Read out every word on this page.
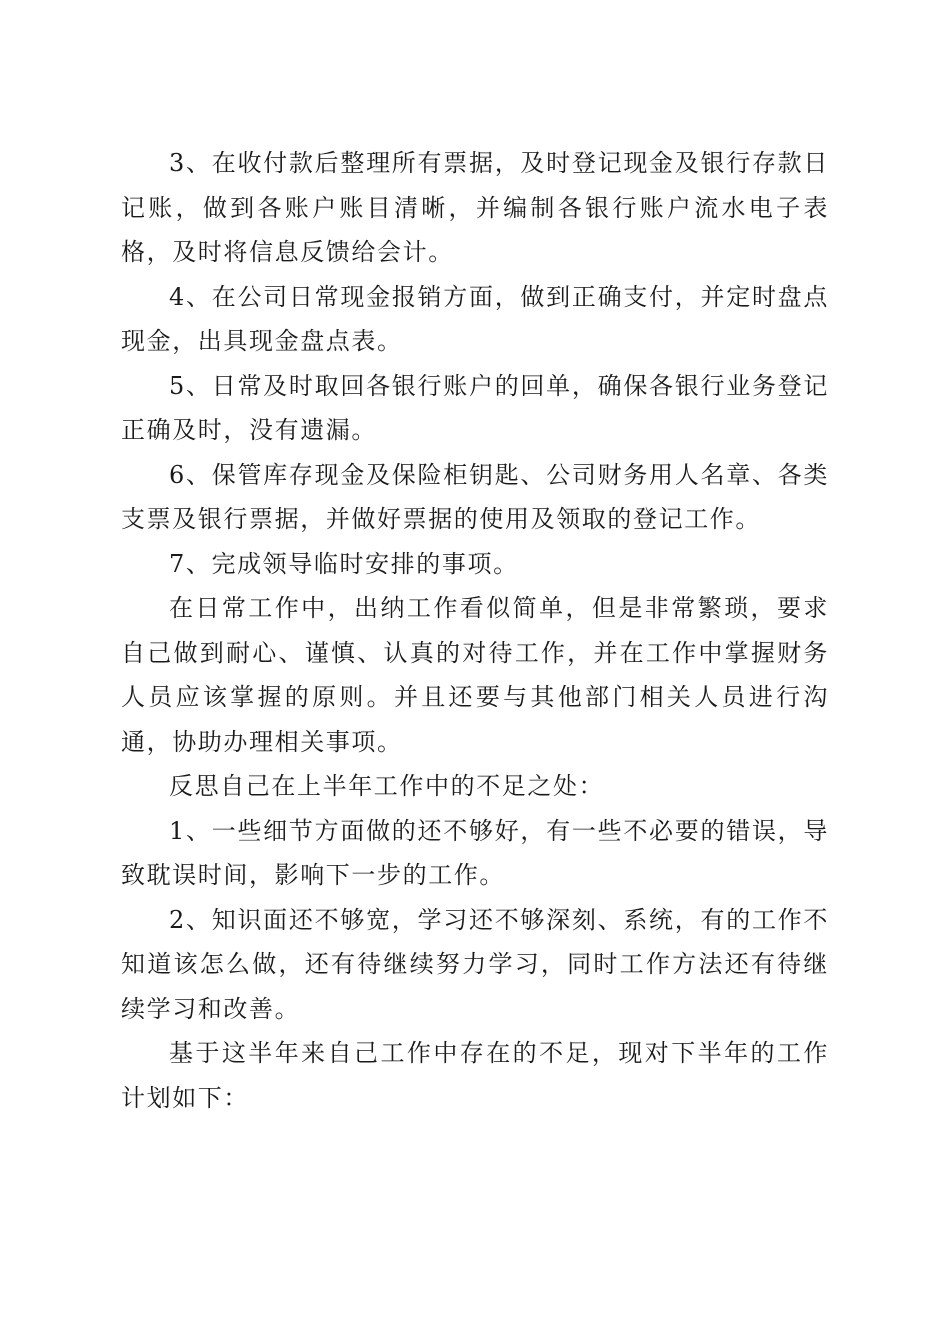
3、在收付款后整理所有票据，及时登记现金及银行存款日记账，做到各账户账目清晰，并编制各银行账户流水电子表格，及时将信息反馈给会计。

4、在公司日常现金报销方面，做到正确支付，并定时盘点现金，出具现金盘点表。

5、日常及时取回各银行账户的回单，确保各银行业务登记正确及时，没有遗漏。

6、保管库存现金及保险柜钥匙、公司财务用人名章、各类支票及银行票据，并做好票据的使用及领取的登记工作。

7、完成领导临时安排的事项。

在日常工作中，出纳工作看似简单，但是非常繁琐，要求自己做到耐心、谨慎、认真的对待工作，并在工作中掌握财务人员应该掌握的原则。并且还要与其他部门相关人员进行沟通，协助办理相关事项。

反思自己在上半年工作中的不足之处：

1、一些细节方面做的还不够好，有一些不必要的错误，导致耽误时间，影响下一步的工作。

2、知识面还不够宽，学习还不够深刻、系统，有的工作不知道该怎么做，还有待继续努力学习，同时工作方法还有待继续学习和改善。

基于这半年来自己工作中存在的不足，现对下半年的工作计划如下：
